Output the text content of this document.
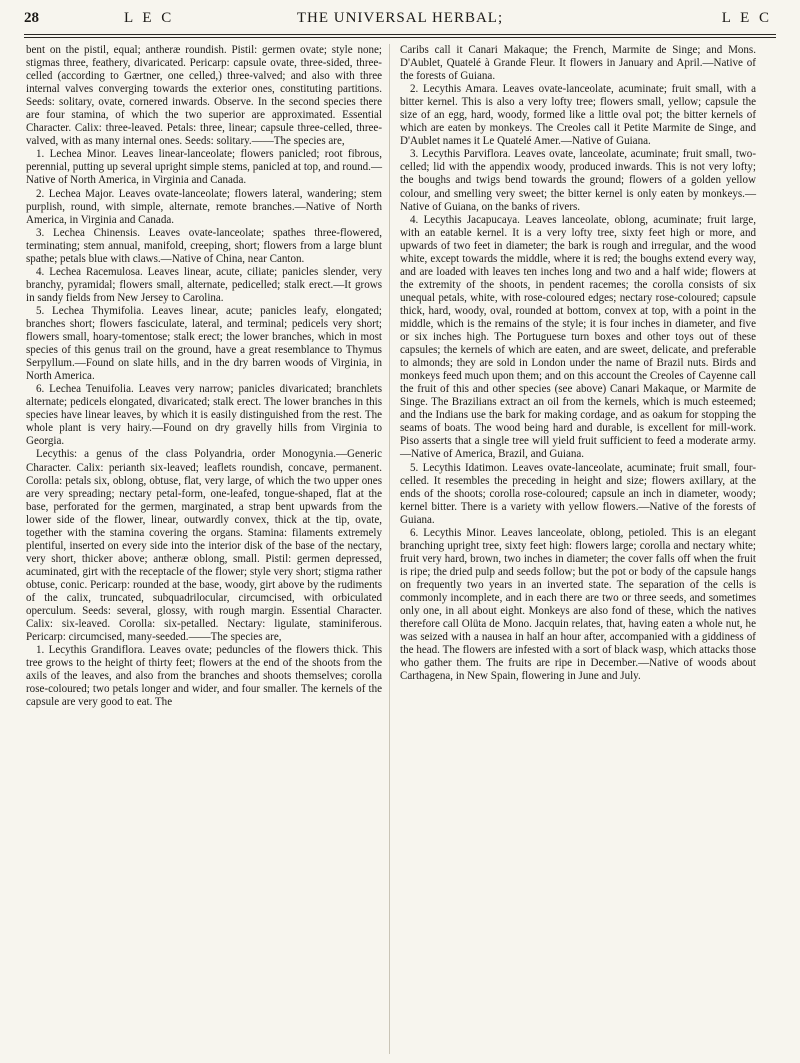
28	L E C	THE UNIVERSAL HERBAL;	L E C

bent on the pistil, equal; antheræ roundish. Pistil: germen ovate; style none; stigmas three, feathery, divaricated. Pericarp: capsule ovate, three-sided, three-celled (according to Gærtner, one celled,) three-valved; and also with three internal valves converging towards the exterior ones, constituting partitions. Seeds: solitary, ovate, cornered inwards. Observe. In the second species there are four stamina, of which the two superior are approximated. Essential Character. Calix: three-leaved. Petals: three, linear; capsule three-celled, three-valved, with as many internal ones. Seeds: solitary.——The species are,

1. Lechea Minor. Leaves linear-lanceolate; flowers panicled; root fibrous, perennial, putting up several upright simple stems, panicled at top, and round.—Native of North America, in Virginia and Canada.

2. Lechea Major. Leaves ovate-lanceolate; flowers lateral, wandering; stem purplish, round, with simple, alternate, remote branches.—Native of North America, in Virginia and Canada.

3. Lechea Chinensis. Leaves ovate-lanceolate; spathes three-flowered, terminating; stem annual, manifold, creeping, short; flowers from a large blunt spathe; petals blue with claws.—Native of China, near Canton.

4. Lechea Racemulosa. Leaves linear, acute, ciliate; panicles slender, very branchy, pyramidal; flowers small, alternate, pedicelled; stalk erect.—It grows in sandy fields from New Jersey to Carolina.

5. Lechea Thymifolia. Leaves linear, acute; panicles leafy, elongated; branches short; flowers fasciculate, lateral, and terminal; pedicels very short; flowers small, hoary-tomentose; stalk erect; the lower branches, which in most species of this genus trail on the ground, have a great resemblance to Thymus Serpyllum.—Found on slate hills, and in the dry barren woods of Virginia, in North America.

6. Lechea Tenuifolia. Leaves very narrow; panicles divaricated; branchlets alternate; pedicels elongated, divaricated; stalk erect. The lower branches in this species have linear leaves, by which it is easily distinguished from the rest. The whole plant is very hairy.—Found on dry gravelly hills from Virginia to Georgia.

Lecythis: a genus of the class Polyandria, order Monogynia.—Generic Character. Calix: perianth six-leaved; leaflets roundish, concave, permanent. Corolla: petals six, oblong, obtuse, flat, very large, of which the two upper ones are very spreading; nectary petal-form, one-leafed, tongue-shaped, flat at the base, perforated for the germen, marginated, a strap bent upwards from the lower side of the flower, linear, outwardly convex, thick at the tip, ovate, together with the stamina covering the organs. Stamina: filaments extremely plentiful, inserted on every side into the interior disk of the base of the nectary, very short, thicker above; antheræ oblong, small. Pistil: germen depressed, acuminated, girt with the receptacle of the flower; style very short; stigma rather obtuse, conic. Pericarp: rounded at the base, woody, girt above by the rudiments of the calix, truncated, subquadrilocular, circumcised, with orbiculated operculum. Seeds: several, glossy, with rough margin. Essential Character. Calix: six-leaved. Corolla: six-petalled. Nectary: ligulate, staminiferous. Pericarp: circumcised, many-seeded.——The species are,

1. Lecythis Grandiflora. Leaves ovate; peduncles of the flowers thick. This tree grows to the height of thirty feet; flowers at the end of the shoots from the axils of the leaves, and also from the branches and shoots themselves; corolla rose-coloured; two petals longer and wider, and four smaller. The kernels of the capsule are very good to eat. The

Caribs call it Canari Makaque; the French, Marmite de Singe; and Mons. D'Aublet, Quatelé à Grande Fleur. It flowers in January and April.—Native of the forests of Guiana.

2. Lecythis Amara. Leaves ovate-lanceolate, acuminate; fruit small, with a bitter kernel. This is also a very lofty tree; flowers small, yellow; capsule the size of an egg, hard, woody, formed like a little oval pot; the bitter kernels of which are eaten by monkeys. The Creoles call it Petite Marmite de Singe, and D'Aublet names it Le Quatelé Amer.—Native of Guiana.

3. Lecythis Parviflora. Leaves ovate, lanceolate, acuminate; fruit small, two-celled; lid with the appendix woody, produced inwards. This is not very lofty; the boughs and twigs bend towards the ground; flowers of a golden yellow colour, and smelling very sweet; the bitter kernel is only eaten by monkeys.—Native of Guiana, on the banks of rivers.

4. Lecythis Jacapucaya. Leaves lanceolate, oblong, acuminate; fruit large, with an eatable kernel. It is a very lofty tree, sixty feet high or more, and upwards of two feet in diameter; the bark is rough and irregular, and the wood white, except towards the middle, where it is red; the boughs extend every way, and are loaded with leaves ten inches long and two and a half wide; flowers at the extremity of the shoots, in pendent racemes; the corolla consists of six unequal petals, white, with rose-coloured edges; nectary rose-coloured; capsule thick, hard, woody, oval, rounded at bottom, convex at top, with a point in the middle, which is the remains of the style; it is four inches in diameter, and five or six inches high. The Portuguese turn boxes and other toys out of these capsules; the kernels of which are eaten, and are sweet, delicate, and preferable to almonds; they are sold in London under the name of Brazil nuts. Birds and monkeys feed much upon them; and on this account the Creoles of Cayenne call the fruit of this and other species (see above) Canari Makaque, or Marmite de Singe. The Brazilians extract an oil from the kernels, which is much esteemed; and the Indians use the bark for making cordage, and as oakum for stopping the seams of boats. The wood being hard and durable, is excellent for mill-work. Piso asserts that a single tree will yield fruit sufficient to feed a moderate army.—Native of America, Brazil, and Guiana.

5. Lecythis Idatimon. Leaves ovate-lanceolate, acuminate; fruit small, four-celled. It resembles the preceding in height and size; flowers axillary, at the ends of the shoots; corolla rose-coloured; capsule an inch in diameter, woody; kernel bitter. There is a variety with yellow flowers.—Native of the forests of Guiana.

6. Lecythis Minor. Leaves lanceolate, oblong, petioled. This is an elegant branching upright tree, sixty feet high: flowers large; corolla and nectary white; fruit very hard, brown, two inches in diameter; the cover falls off when the fruit is ripe; the dried pulp and seeds follow; but the pot or body of the capsule hangs on frequently two years in an inverted state. The separation of the cells is commonly incomplete, and in each there are two or three seeds, and sometimes only one, in all about eight. Monkeys are also fond of these, which the natives therefore call Olüta de Mono. Jacquin relates, that, having eaten a whole nut, he was seized with a nausea in half an hour after, accompanied with a giddiness of the head. The flowers are infested with a sort of black wasp, which attacks those who gather them. The fruits are ripe in December.—Native of woods about Carthagena, in New Spain, flowering in June and July.
